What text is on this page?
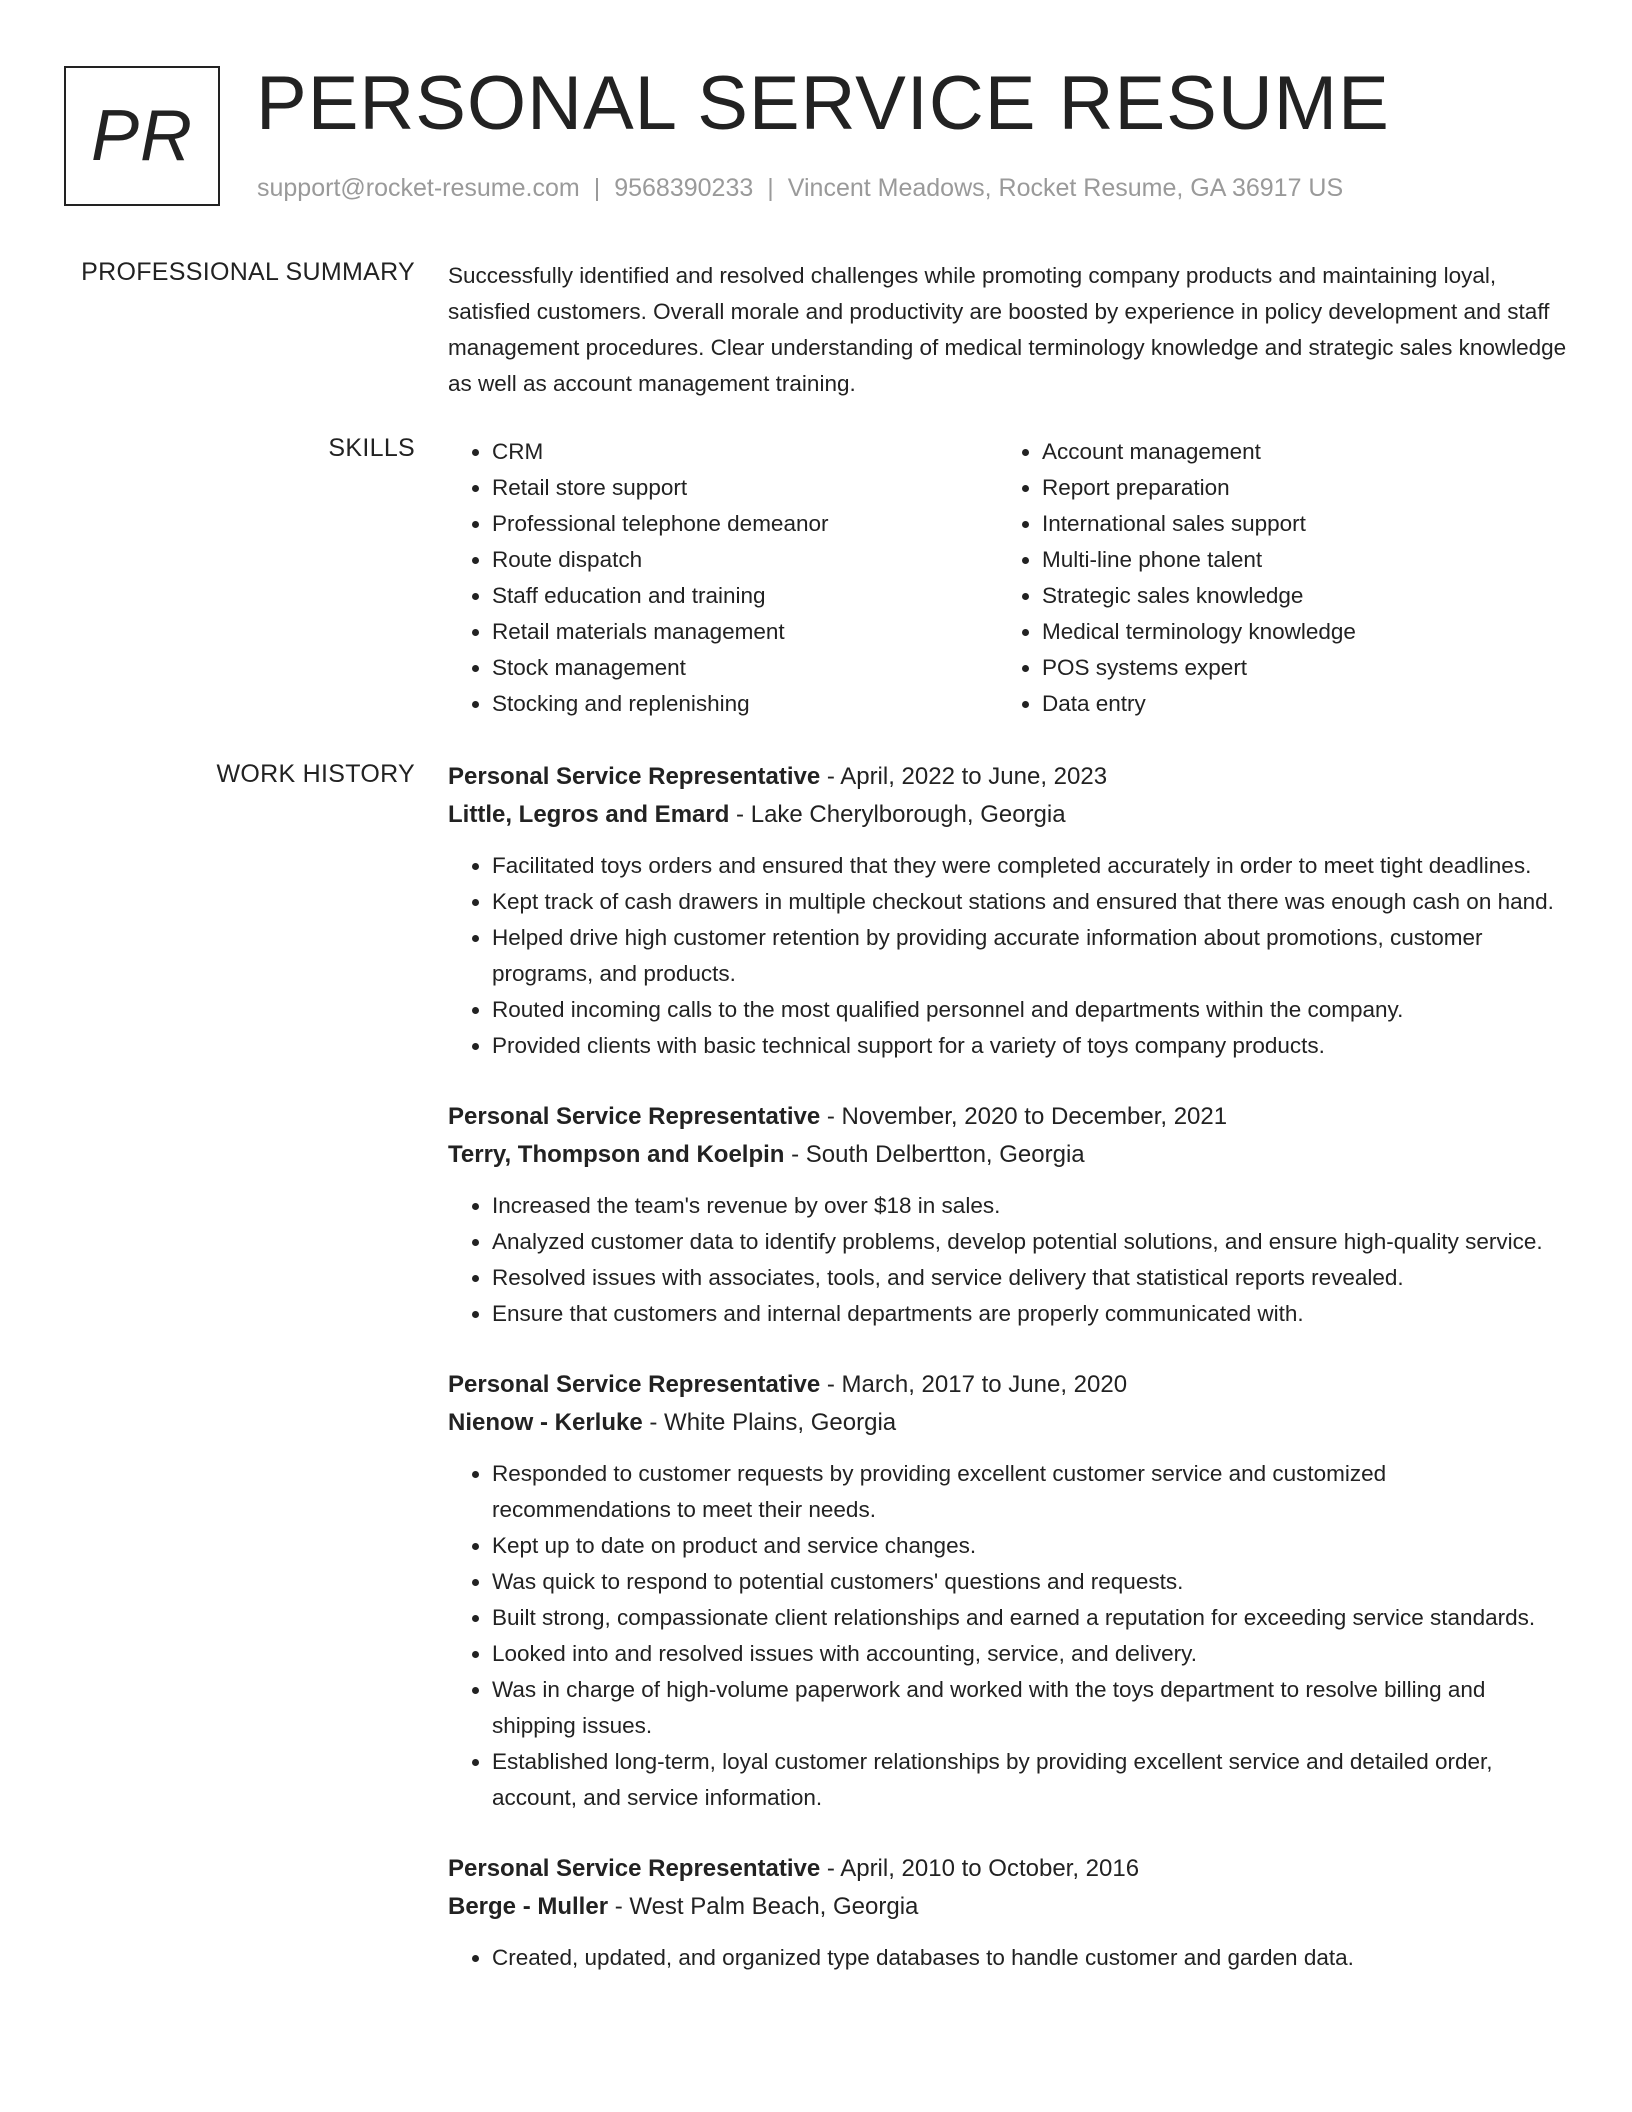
PR PERSONAL SERVICE RESUME
support@rocket-resume.com | 9568390233 | Vincent Meadows, Rocket Resume, GA 36917 US
PROFESSIONAL SUMMARY Successfully identified and resolved challenges while promoting company products and maintaining loyal, satisfied customers. Overall morale and productivity are boosted by experience in policy development and staff management procedures. Clear understanding of medical terminology knowledge and strategic sales knowledge as well as account management training.

SKILLS
•	CRM
• Retail store support
• Professional telephone demeanor
• Route dispatch
• Staff education and training
• Retail materials management
• Stock management
• Stocking and replenishing
• Account management
• Report preparation
• International sales support
• Multi-line phone talent
• Strategic sales knowledge
• Medical terminology knowledge
• POS systems expert
• Data entry
WORK HISTORY Personal Service Representative - April, 2022 to June, 2023
Little, Legros and Emard - Lake Cherylborough, Georgia
• Facilitated toys orders and ensured that they were completed accurately in order to meet tight deadlines.
• Kept track of cash drawers in multiple checkout stations and ensured that there was enough cash on hand.
• Helped drive high customer retention by providing accurate information about promotions, customer programs, and products.
• Routed incoming calls to the most qualified personnel and departments within the company.
• Provided clients with basic technical support for a variety of toys company products.
Personal Service Representative - November, 2020 to December, 2021
Terry, Thompson and Koelpin - South Delbertton, Georgia
• Increased the team's revenue by over $18 in sales.
• Analyzed customer data to identify problems, develop potential solutions, and ensure high-quality service.
• Resolved issues with associates, tools, and service delivery that statistical reports revealed.
• Ensure that customers and internal departments are properly communicated with.
Personal Service Representative - March, 2017 to June, 2020
Nienow - Kerluke - White Plains, Georgia
• Responded to customer requests by providing excellent customer service and customized recommendations to meet their needs.
• Kept up to date on product and service changes.
• Was quick to respond to potential customers' questions and requests.
• Built strong, compassionate client relationships and earned a reputation for exceeding service standards.
• Looked into and resolved issues with accounting, service, and delivery.
• Was in charge of high-volume paperwork and worked with the toys department to resolve billing and shipping issues.
• Established long-term, loyal customer relationships by providing excellent service and detailed order, account, and service information.
Personal Service Representative - April, 2010 to October, 2016
Berge - Muller - West Palm Beach, Georgia
• Created, updated, and organized type databases to handle customer and garden data.
